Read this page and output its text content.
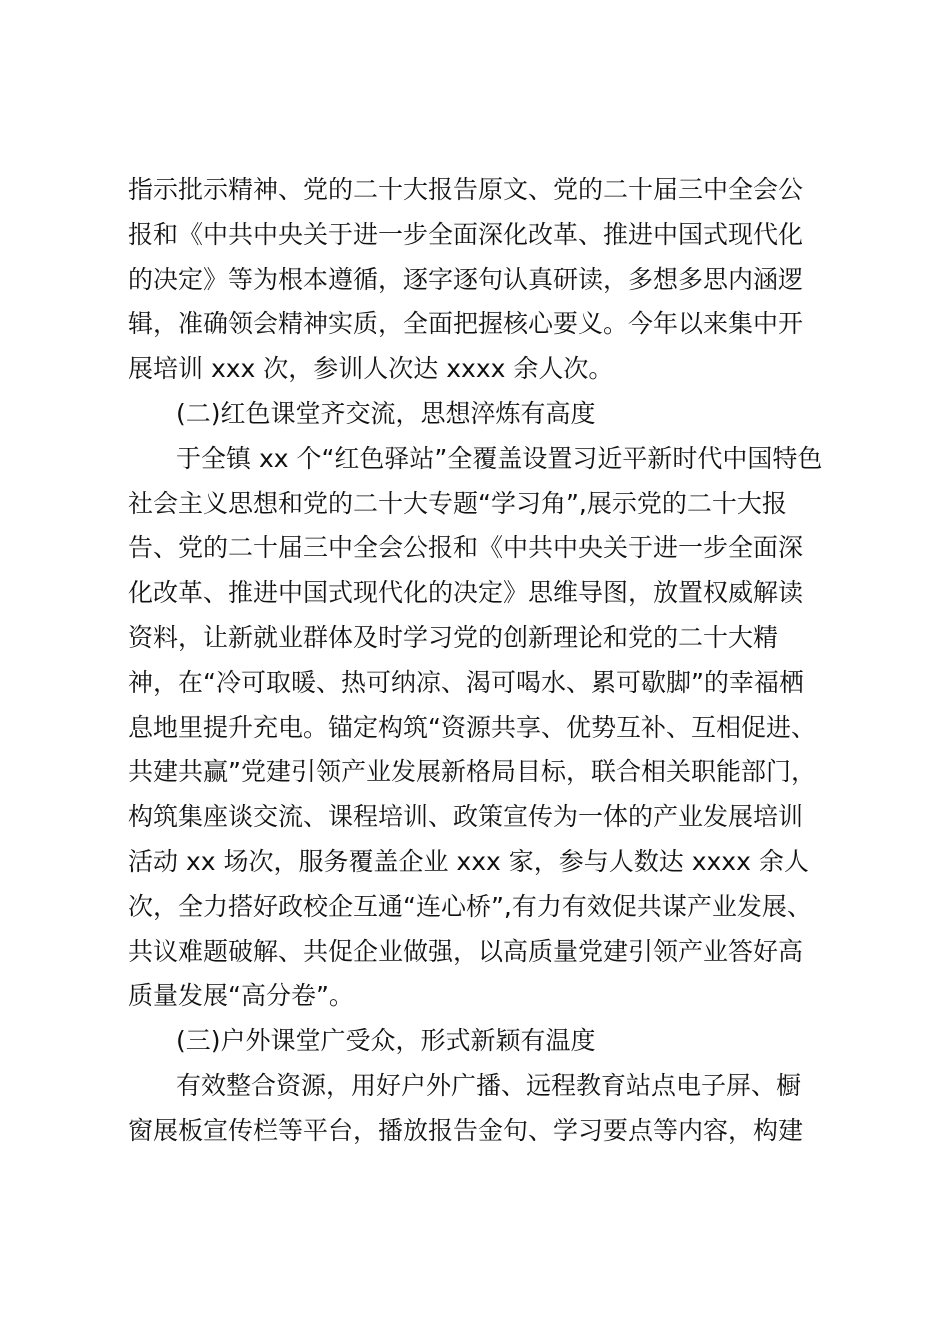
指示批示精神、党的二十大报告原文、党的二十届三中全会公
报和《中共中央关于进一步全面深化改革、推进中国式现代化
的决定》等为根本遵循，逐字逐句认真研读，多想多思内涵逻
辑，准确领会精神实质，全面把握核心要义。今年以来集中开
展培训 xxx 次，参训人次达 xxxx 余人次。
(二)红色课堂齐交流，思想淬炼有高度
于全镇 xx 个“红色驿站”全覆盖设置习近平新时代中国特色
社会主义思想和党的二十大专题“学习角”,展示党的二十大报
告、党的二十届三中全会公报和《中共中央关于进一步全面深
化改革、推进中国式现代化的决定》思维导图，放置权威解读
资料，让新就业群体及时学习党的创新理论和党的二十大精
神，在“冷可取暖、热可纳凉、渴可喝水、累可歇脚”的幸福栖
息地里提升充电。锚定构筑“资源共享、优势互补、互相促进、
共建共赢”党建引领产业发展新格局目标，联合相关职能部门，
构筑集座谈交流、课程培训、政策宣传为一体的产业发展培训
活动 xx 场次，服务覆盖企业 xxx 家，参与人数达 xxxx 余人
次，全力搭好政校企互通“连心桥”,有力有效促共谋产业发展、
共议难题破解、共促企业做强，以高质量党建引领产业答好高
质量发展“高分卷”。
(三)户外课堂广受众，形式新颖有温度
有效整合资源，用好户外广播、远程教育站点电子屏、橱
窗展板宣传栏等平台，播放报告金句、学习要点等内容，构建
